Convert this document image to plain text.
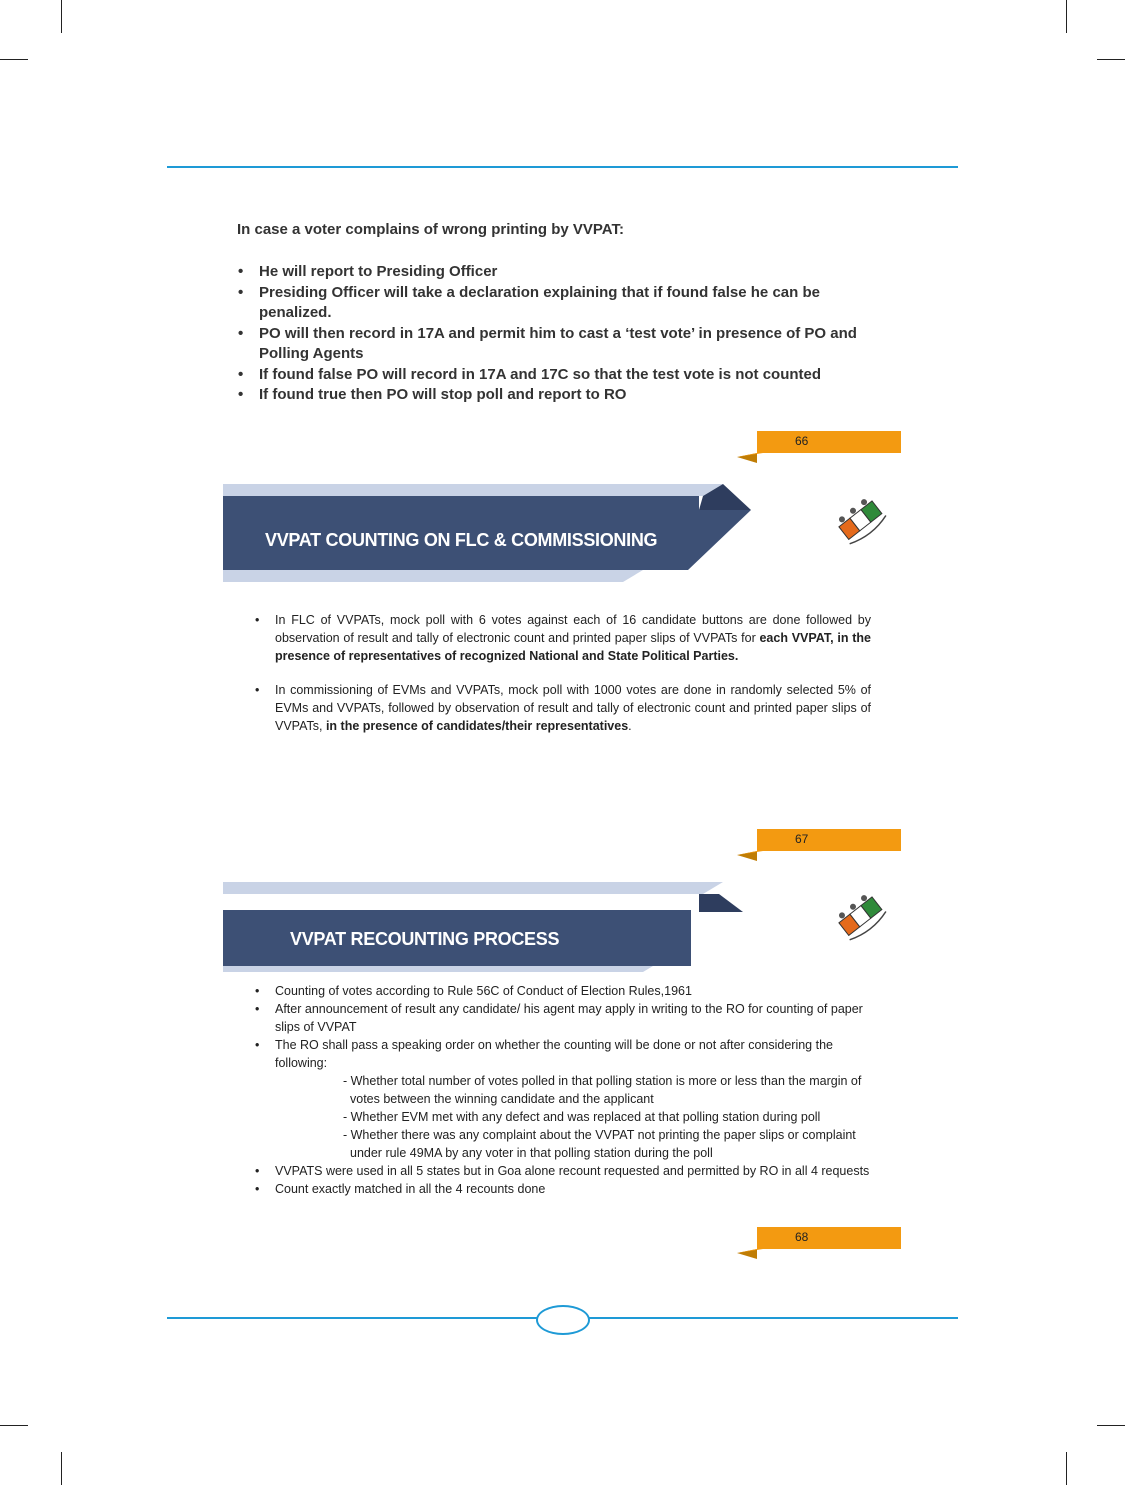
In case a voter complains of wrong printing by VVPAT:
• He will report to Presiding Officer
• Presiding Officer will take a declaration explaining that if found false he can be penalized.
• PO will then record in 17A and permit him to cast a ‘test vote’ in presence of PO and Polling Agents
• If found false PO will record in 17A and 17C so that the test vote is not counted
• If found true then PO will stop poll and report to RO
66
VVPAT COUNTING ON FLC & COMMISSIONING
• In FLC of VVPATs, mock poll with 6 votes against each of 16 candidate buttons are done followed by observation of result and tally of electronic count and printed paper slips of VVPATs for each VVPAT, in the presence of representatives of recognized National and State Political Parties.
• In commissioning of EVMs and VVPATs, mock poll with 1000 votes are done in randomly selected 5% of EVMs and VVPATs, followed by observation of result and tally of electronic count and printed paper slips of VVPATs, in the presence of candidates/their representatives.
67
VVPAT RECOUNTING PROCESS
• Counting of votes according to Rule 56C of Conduct of Election Rules,1961
• After announcement of result any candidate/ his agent may apply in writing to the RO for counting of paper slips of VVPAT
• The RO shall pass a speaking order on whether the counting will be done or not after considering the following:
- Whether total number of votes polled in that polling station is more or less than the margin of votes between the winning candidate and the applicant
- Whether EVM met with any defect and was replaced at that polling station during poll
- Whether there was any complaint about the VVPAT not printing the paper slips or complaint under rule 49MA by any voter in that polling station during the poll
• VVPATS were used in all 5 states but in Goa alone recount requested and permitted by RO in all 4 requests
• Count exactly matched in all the 4 recounts done
68
